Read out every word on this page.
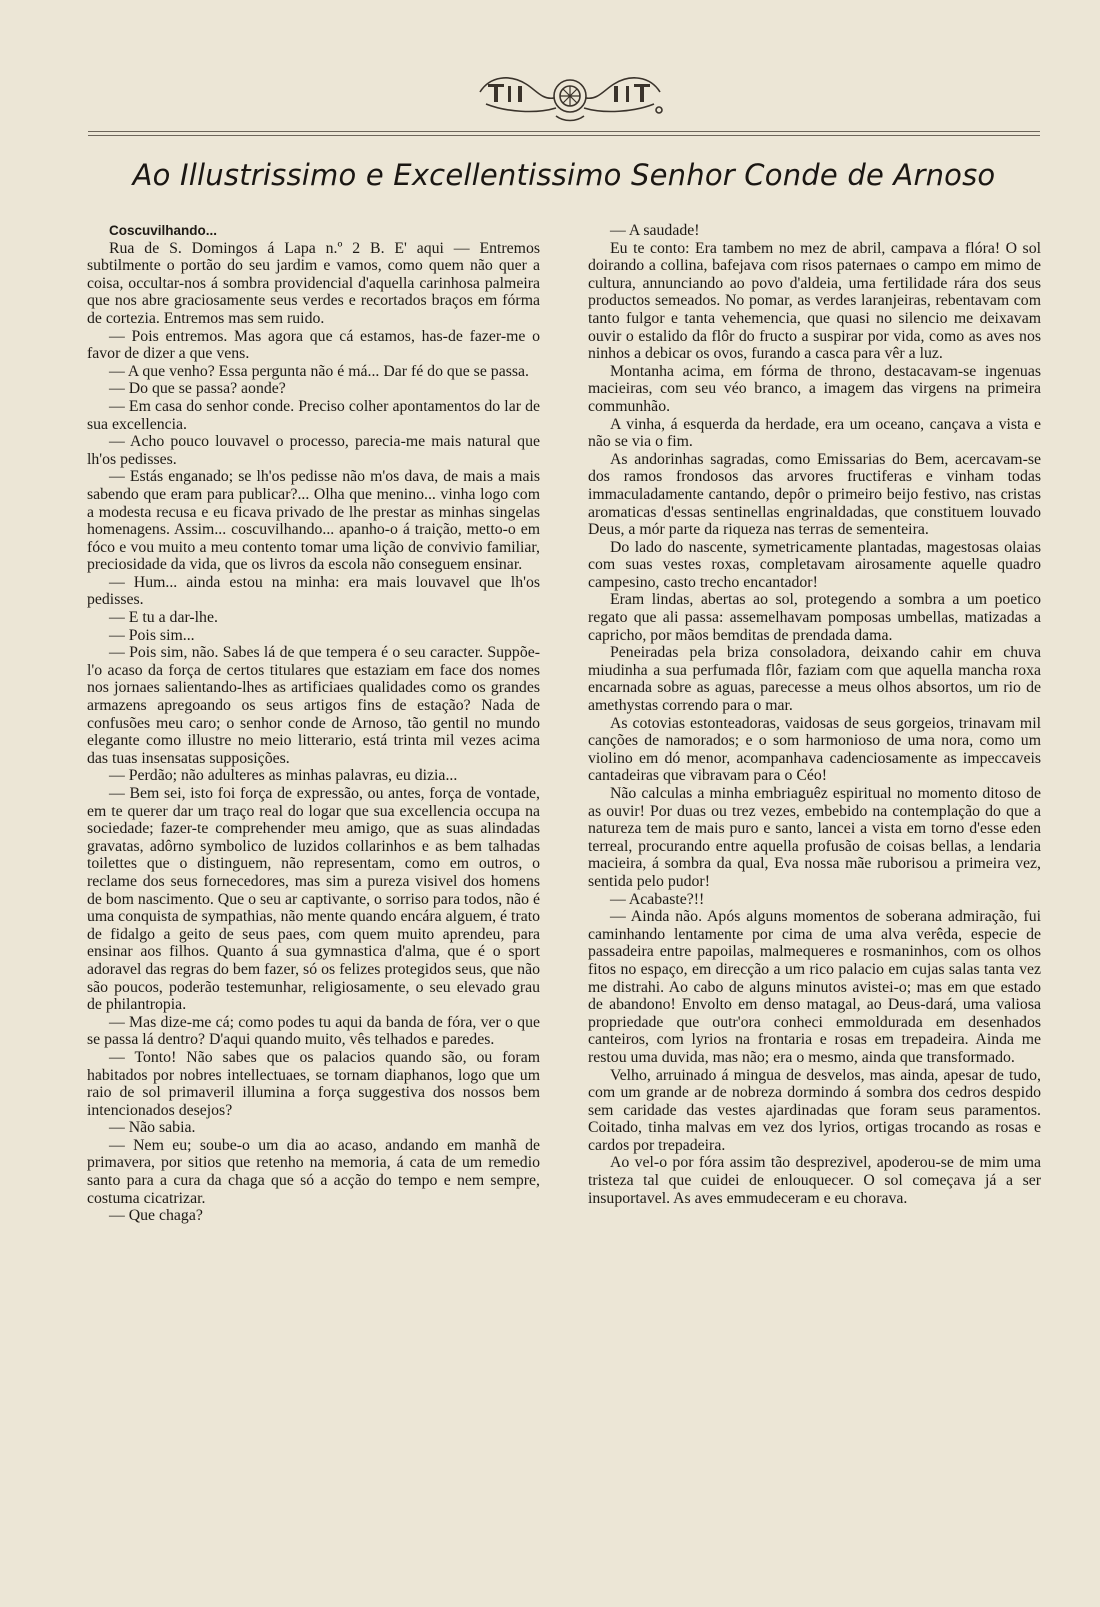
Ao Illustrissimo e Excellentissimo Senhor Conde de Arnoso

Coscuvilhando...

Rua de S. Domingos á Lapa n.º 2 B. E' aqui — Entremos subtilmente o portão do seu jardim e vamos, como quem não quer a coisa, occultar-nos á sombra providencial d'aquella carinhosa palmeira que nos abre graciosamente seus verdes e recortados braços em fórma de cortezia. Entremos mas sem ruido.

— Pois entremos. Mas agora que cá estamos, has-de fazer-me o favor de dizer a que vens.

— A que venho? Essa pergunta não é má... Dar fé do que se passa.

— Do que se passa? aonde?

— Em casa do senhor conde. Preciso colher apontamentos do lar de sua excellencia.

— Acho pouco louvavel o processo, parecia-me mais natural que lh'os pedisses.

— Estás enganado; se lh'os pedisse não m'os dava, de mais a mais sabendo que eram para publicar?... Olha que menino... vinha logo com a modesta recusa e eu ficava privado de lhe prestar as minhas singelas homenagens. Assim... coscuvilhando... apanho-o á traição, metto-o em fóco e vou muito a meu contento tomar uma lição de convivio familiar, preciosidade da vida, que os livros da escola não conseguem ensinar.

— Hum... ainda estou na minha: era mais louvavel que lh'os pedisses.

— E tu a dar-lhe.

— Pois sim...

— Pois sim, não. Sabes lá de que tempera é o seu caracter. Suppõe-l'o acaso da força de certos titulares que estaziam em face dos nomes nos jornaes salientando-lhes as artificiaes qualidades como os grandes armazens apregoando os seus artigos fins de estação? Nada de confusões meu caro; o senhor conde de Arnoso, tão gentil no mundo elegante como illustre no meio litterario, está trinta mil vezes acima das tuas insensatas supposições.

— Perdão; não adulteres as minhas palavras, eu dizia...

— Bem sei, isto foi força de expressão, ou antes, força de vontade, em te querer dar um traço real do logar que sua excellencia occupa na sociedade; fazer-te comprehender meu amigo, que as suas alindadas gravatas, adôrno symbolico de luzidos collarinhos e as bem talhadas toilettes que o distinguem, não representam, como em outros, o reclame dos seus fornecedores, mas sim a pureza visivel dos homens de bom nascimento. Que o seu ar captivante, o sorriso para todos, não é uma conquista de sympathias, não mente quando encára alguem, é trato de fidalgo a geito de seus paes, com quem muito aprendeu, para ensinar aos filhos. Quanto á sua gymnastica d'alma, que é o sport adoravel das regras do bem fazer, só os felizes protegidos seus, que não são poucos, poderão testemunhar, religiosamente, o seu elevado grau de philantropia.

— Mas dize-me cá; como podes tu aqui da banda de fóra, ver o que se passa lá dentro? D'aqui quando muito, vês telhados e paredes.

— Tonto! Não sabes que os palacios quando são, ou foram habitados por nobres intellectuaes, se tornam diaphanos, logo que um raio de sol primaveril illumina a força suggestiva dos nossos bem intencionados desejos?

— Não sabia.

— Nem eu; soube-o um dia ao acaso, andando em manhã de primavera, por sitios que retenho na memoria, á cata de um remedio santo para a cura da chaga que só a acção do tempo e nem sempre, costuma cicatrizar.

— Que chaga?

— A saudade!

Eu te conto: Era tambem no mez de abril, campava a flóra! O sol doirando a collina, bafejava com risos paternaes o campo em mimo de cultura, annunciando ao povo d'aldeia, uma fertilidade rára dos seus productos semeados. No pomar, as verdes laranjeiras, rebentavam com tanto fulgor e tanta vehemencia, que quasi no silencio me deixavam ouvir o estalido da flôr do fructo a suspirar por vida, como as aves nos ninhos a debicar os ovos, furando a casca para vêr a luz.

Montanha acima, em fórma de throno, destacavam-se ingenuas macieiras, com seu véo branco, a imagem das virgens na primeira communhão.

A vinha, á esquerda da herdade, era um oceano, cançava a vista e não se via o fim.

As andorinhas sagradas, como Emissarias do Bem, acercavam-se dos ramos frondosos das arvores fructiferas e vinham todas immaculadamente cantando, depôr o primeiro beijo festivo, nas cristas aromaticas d'essas sentinellas engrinaldadas, que constituem louvado Deus, a mór parte da riqueza nas terras de sementeira.

Do lado do nascente, symetricamente plantadas, magestosas olaias com suas vestes roxas, completavam airosamente aquelle quadro campesino, casto trecho encantador!

Eram lindas, abertas ao sol, protegendo a sombra a um poetico regato que ali passa: assemelhavam pomposas umbellas, matizadas a capricho, por mãos bemditas de prendada dama.

Peneiradas pela briza consoladora, deixando cahir em chuva miudinha a sua perfumada flôr, faziam com que aquella mancha roxa encarnada sobre as aguas, parecesse a meus olhos absortos, um rio de amethystas correndo para o mar.

As cotovias estonteadoras, vaidosas de seus gorgeios, trinavam mil canções de namorados; e o som harmonioso de uma nora, como um violino em dó menor, acompanhava cadenciosamente as impeccaveis cantadeiras que vibravam para o Céo!

Não calculas a minha embriaguêz espiritual no momento ditoso de as ouvir! Por duas ou trez vezes, embebido na contemplação do que a natureza tem de mais puro e santo, lancei a vista em torno d'esse eden terreal, procurando entre aquella profusão de coisas bellas, a lendaria macieira, á sombra da qual, Eva nossa mãe ruborisou a primeira vez, sentida pelo pudor!

— Acabaste?!!

— Ainda não. Após alguns momentos de soberana admiração, fui caminhando lentamente por cima de uma alva verêda, especie de passadeira entre papoilas, malmequeres e rosmaninhos, com os olhos fitos no espaço, em direcção a um rico palacio em cujas salas tanta vez me distrahi. Ao cabo de alguns minutos avistei-o; mas em que estado de abandono! Envolto em denso matagal, ao Deus-dará, uma valiosa propriedade que outr'ora conheci emmoldurada em desenhados canteiros, com lyrios na frontaria e rosas em trepadeira. Ainda me restou uma duvida, mas não; era o mesmo, ainda que transformado.

Velho, arruinado á mingua de desvelos, mas ainda, apesar de tudo, com um grande ar de nobreza dormindo á sombra dos cedros despido sem caridade das vestes ajardinadas que foram seus paramentos. Coitado, tinha malvas em vez dos lyrios, ortigas trocando as rosas e cardos por trepadeira.

Ao vel-o por fóra assim tão desprezivel, apoderou-se de mim uma tristeza tal que cuidei de enlouquecer. O sol começava já a ser insuportavel. As aves emmudeceram e eu chorava.
